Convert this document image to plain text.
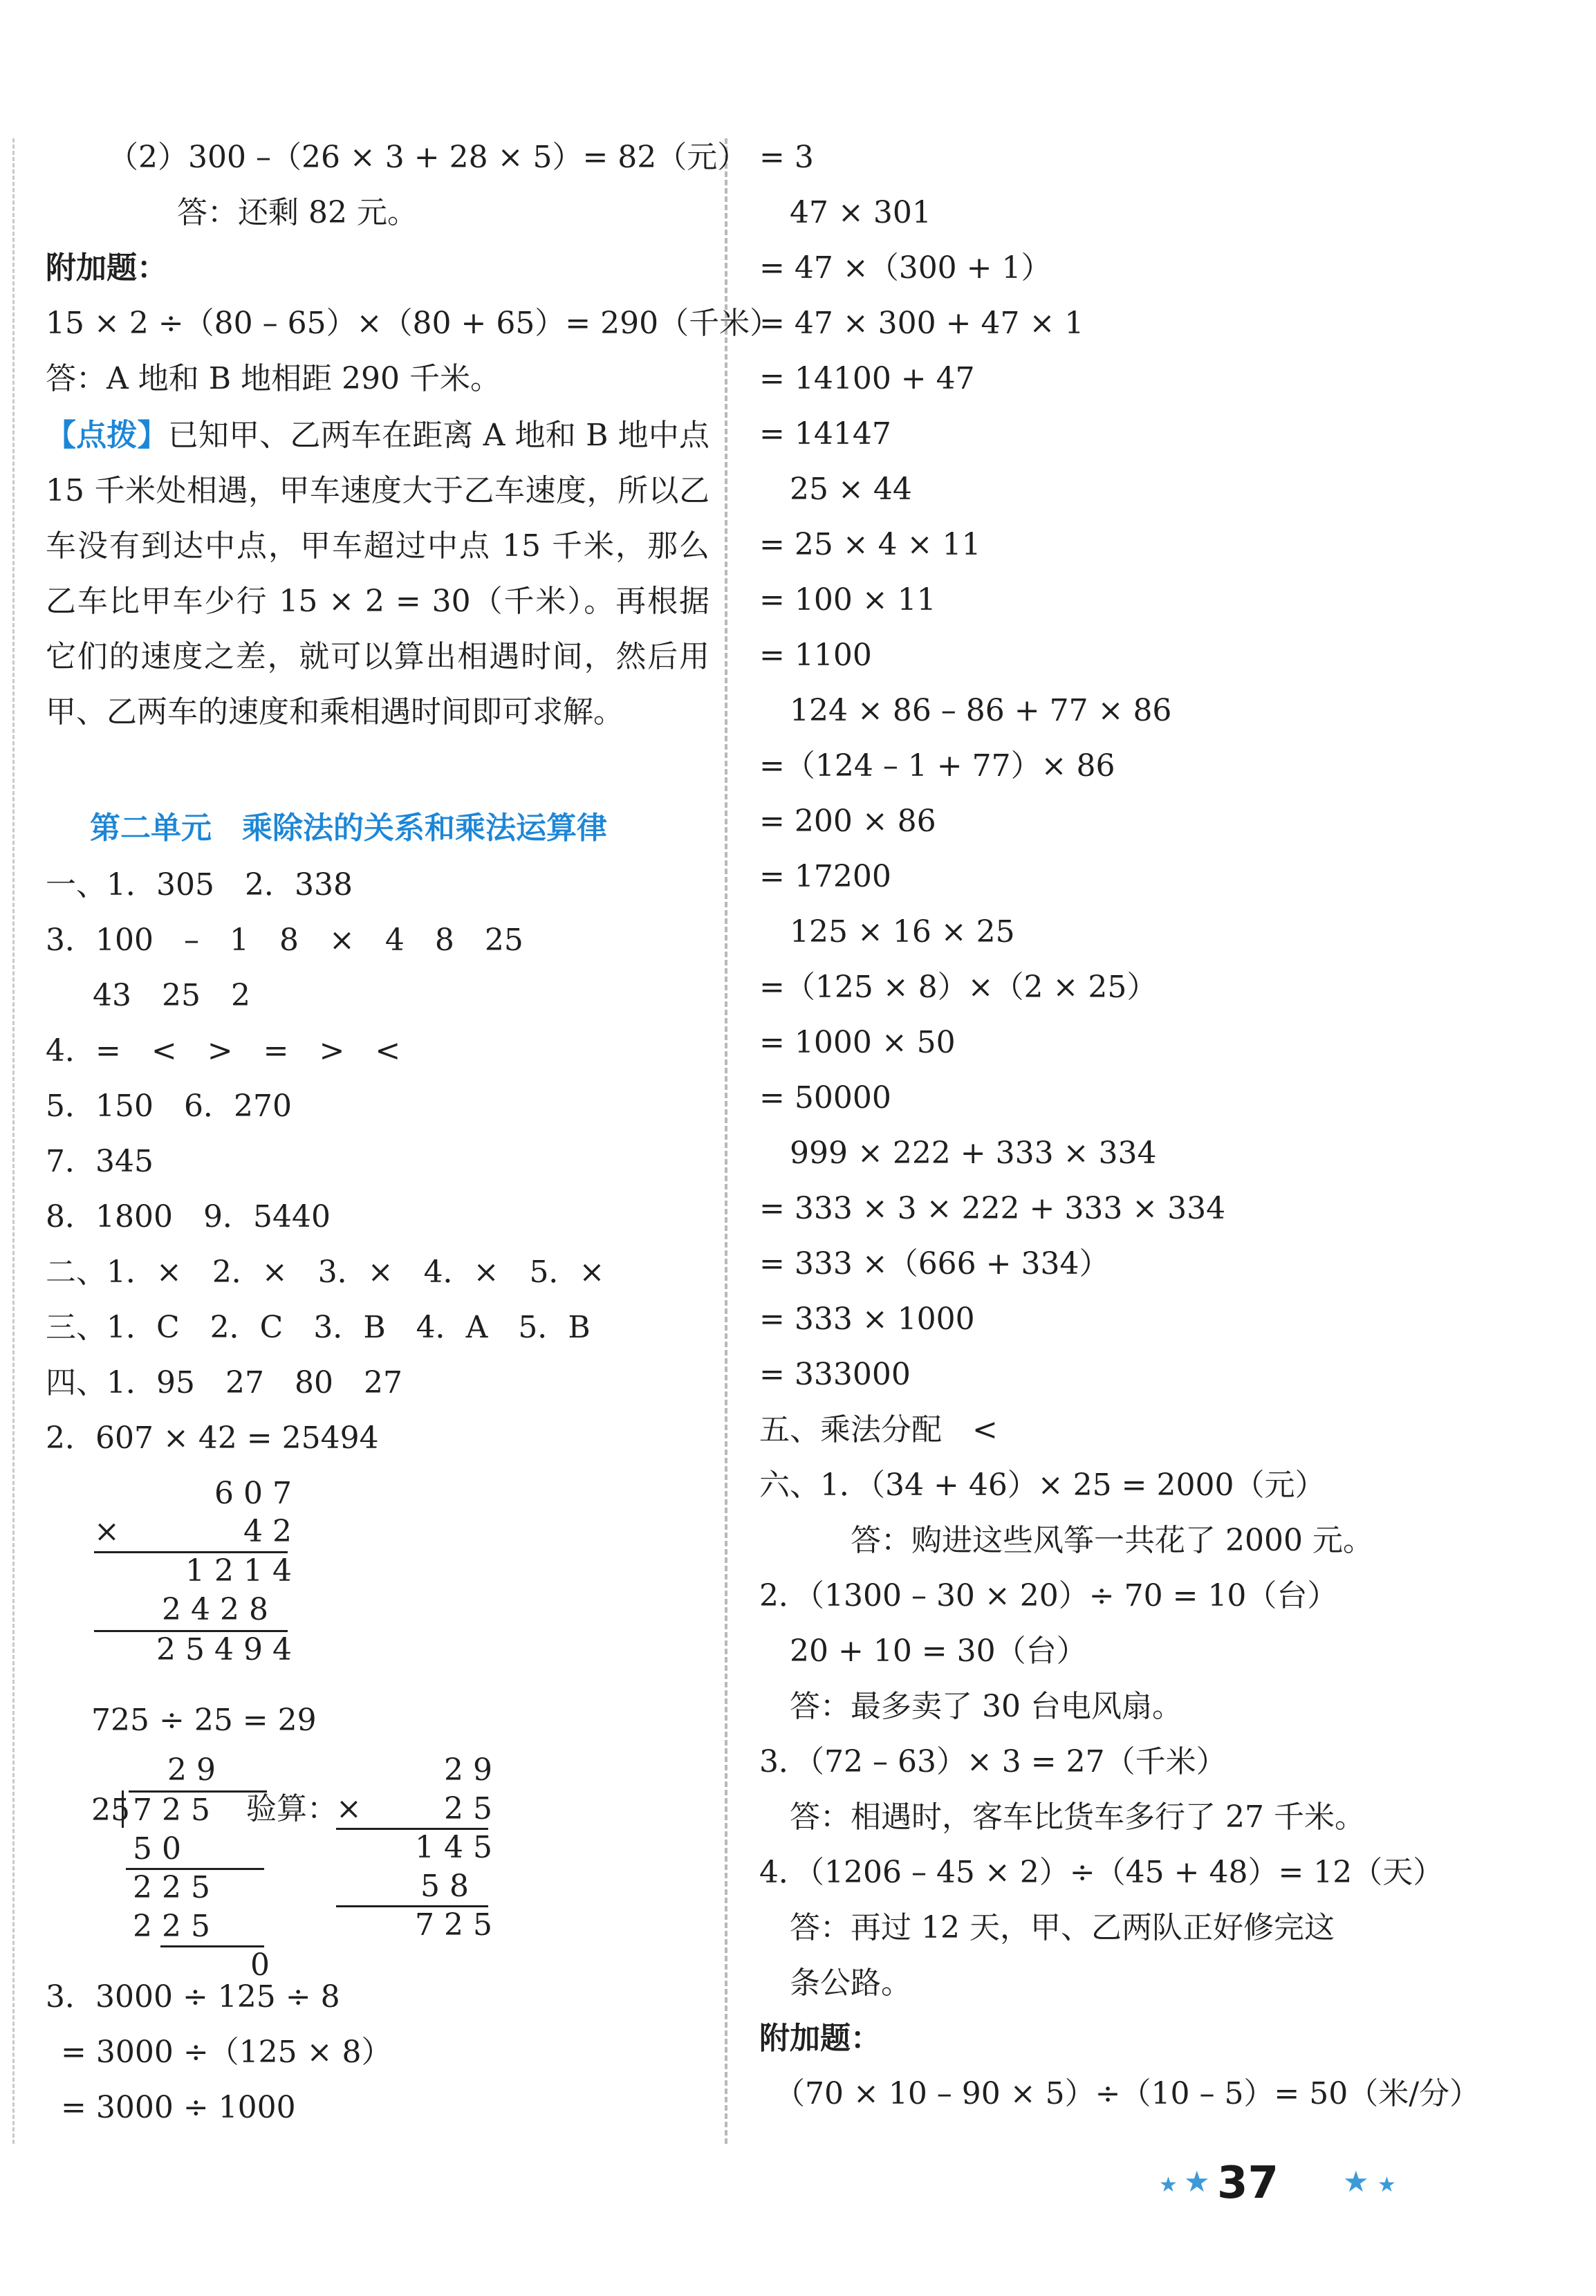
（2）300 –（26 × 3 + 28 × 5）= 82（元）
答：还剩 82 元。
附加题：
15 × 2 ÷（80 – 65）×（80 + 65）= 290（千米）
答：A 地和 B 地相距 290 千米。
【点拨】已知甲、乙两车在距离 A 地和 B 地中点 15 千米处相遇，甲车速度大于乙车速度，所以乙车没有到达中点，甲车超过中点 15 千米，那么乙车比甲车少行 15 × 2 = 30（千米）。再根据它们的速度之差，就可以算出相遇时间，然后用甲、乙两车的速度和乘相遇时间即可求解。
第二单元　乘除法的关系和乘法运算律
一、1．305　2．338
3．100　–　1　8　×　4　8　25
43　25　2
4．=　<　>　=　>　<
5．150　6．270
7．345
8．1800　9．5440
二、1．×　2．×　3．×　4．×　5．×
三、1．C　2．C　3．B　4．A　5．B
四、1．95　27　80　27
2．607 × 42 = 25494
607
×	42
1214
2428
25494
725 ÷ 25 = 29
29
25 725
50
225
225
0
验算：
29
× 25
145
58
725
3．3000 ÷ 125 ÷ 8
= 3000 ÷（125 × 8）
= 3000 ÷ 1000
= 3
　47 × 301
= 47 ×（300 + 1）
= 47 × 300 + 47 × 1
= 14100 + 47
= 14147
　25 × 44
= 25 × 4 × 11
= 100 × 11
= 1100
　124 × 86 – 86 + 77 × 86
=（124 – 1 + 77）× 86
= 200 × 86
= 17200
　125 × 16 × 25
=（125 × 8）×（2 × 25）
= 1000 × 50
= 50000
　999 × 222 + 333 × 334
= 333 × 3 × 222 + 333 × 334
= 333 ×（666 + 334）
= 333 × 1000
= 333000
五、乘法分配　<
六、1．（34 + 46）× 25 = 2000（元）
　　　答：购进这些风筝一共花了 2000 元。
2．（1300 – 30 × 20）÷ 70 = 10（台）
　20 + 10 = 30（台）
　答：最多卖了 30 台电风扇。
3．（72 – 63）× 3 = 27（千米）
　答：相遇时，客车比货车多行了 27 千米。
4．（1206 – 45 × 2）÷（45 + 48）= 12（天）
　答：再过 12 天，甲、乙两队正好修完这
　条公路。
附加题：
　（70 × 10 – 90 × 5）÷（10 – 5）= 50（米/分）
★ ★ 37 ★ ★
